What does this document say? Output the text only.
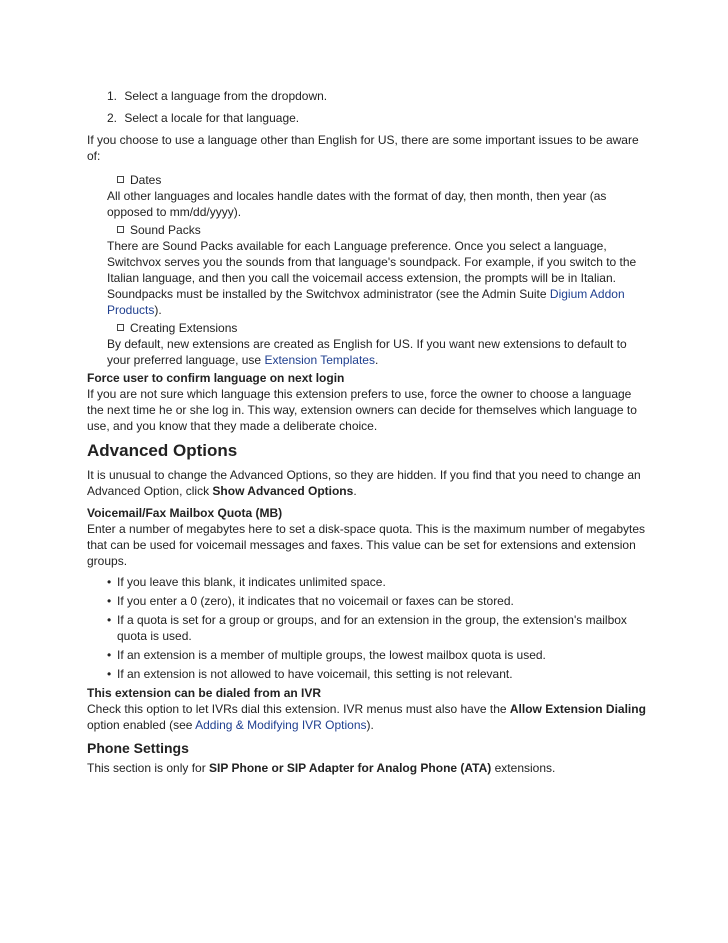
1. Select a language from the dropdown.
2. Select a locale for that language.

If you choose to use a language other than English for US, there are some important issues to be aware of:

Dates
All other languages and locales handle dates with the format of day, then month, then year (as opposed to mm/dd/yyyy).
Sound Packs
There are Sound Packs available for each Language preference. Once you select a language, Switchvox serves you the sounds from that language's soundpack. For example, if you switch to the Italian language, and then you call the voicemail access extension, the prompts will be in Italian. Soundpacks must be installed by the Switchvox administrator (see the Admin Suite Digium Addon Products).
Creating Extensions
By default, new extensions are created as English for US. If you want new extensions to default to your preferred language, use Extension Templates.
Force user to confirm language on next login

If you are not sure which language this extension prefers to use, force the owner to choose a language the next time he or she log in. This way, extension owners can decide for themselves which language to use, and you know that they made a deliberate choice.

Advanced Options

It is unusual to change the Advanced Options, so they are hidden. If you find that you need to change an Advanced Option, click Show Advanced Options.

Voicemail/Fax Mailbox Quota (MB)

Enter a number of megabytes here to set a disk-space quota. This is the maximum number of megabytes that can be used for voicemail messages and faxes. This value can be set for extensions and extension groups.

• If you leave this blank, it indicates unlimited space.
• If you enter a 0 (zero), it indicates that no voicemail or faxes can be stored.
• If a quota is set for a group or groups, and for an extension in the group, the extension's mailbox quota is used.
• If an extension is a member of multiple groups, the lowest mailbox quota is used.
• If an extension is not allowed to have voicemail, this setting is not relevant.
This extension can be dialed from an IVR

Check this option to let IVRs dial this extension. IVR menus must also have the Allow Extension Dialing option enabled (see Adding & Modifying IVR Options).

Phone Settings

This section is only for SIP Phone or SIP Adapter for Analog Phone (ATA) extensions.
